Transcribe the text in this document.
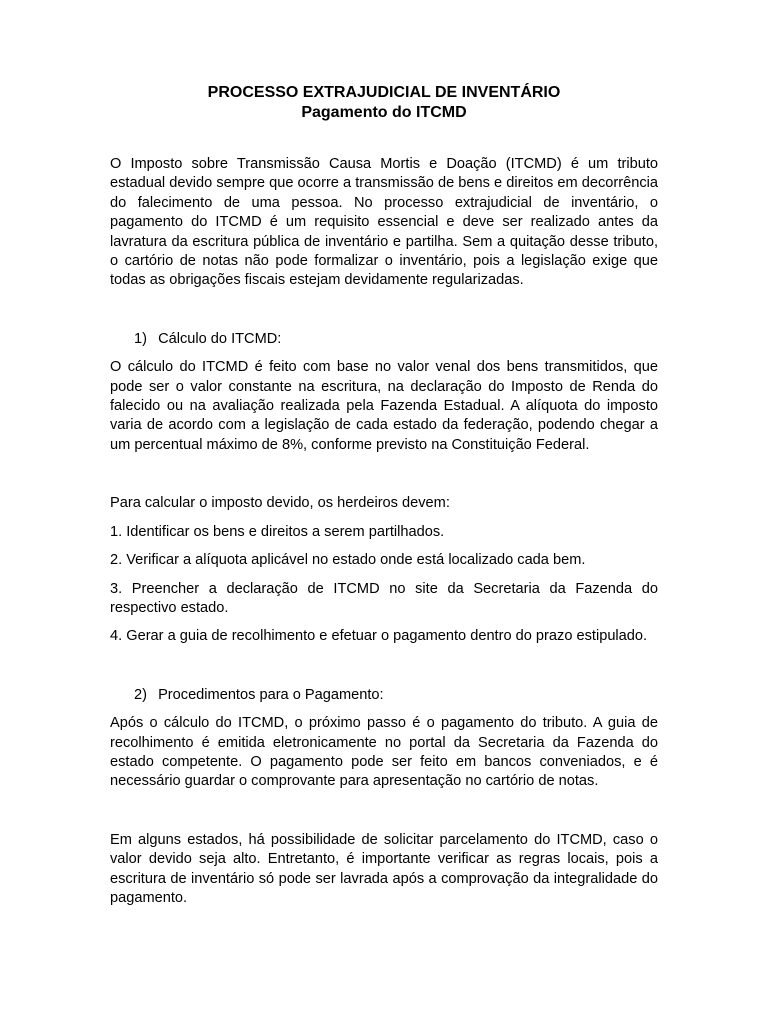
PROCESSO EXTRAJUDICIAL DE INVENTÁRIO

Pagamento do ITCMD

O Imposto sobre Transmissão Causa Mortis e Doação (ITCMD) é um tributo estadual devido sempre que ocorre a transmissão de bens e direitos em decorrência do falecimento de uma pessoa. No processo extrajudicial de inventário, o pagamento do ITCMD é um requisito essencial e deve ser realizado antes da lavratura da escritura pública de inventário e partilha. Sem a quitação desse tributo, o cartório de notas não pode formalizar o inventário, pois a legislação exige que todas as obrigações fiscais estejam devidamente regularizadas.

1) Cálculo do ITCMD:

O cálculo do ITCMD é feito com base no valor venal dos bens transmitidos, que pode ser o valor constante na escritura, na declaração do Imposto de Renda do falecido ou na avaliação realizada pela Fazenda Estadual. A alíquota do imposto varia de acordo com a legislação de cada estado da federação, podendo chegar a um percentual máximo de 8%, conforme previsto na Constituição Federal.

Para calcular o imposto devido, os herdeiros devem:

1. Identificar os bens e direitos a serem partilhados.

2. Verificar a alíquota aplicável no estado onde está localizado cada bem.

3. Preencher a declaração de ITCMD no site da Secretaria da Fazenda do respectivo estado.

4. Gerar a guia de recolhimento e efetuar o pagamento dentro do prazo estipulado.

2) Procedimentos para o Pagamento:

Após o cálculo do ITCMD, o próximo passo é o pagamento do tributo. A guia de recolhimento é emitida eletronicamente no portal da Secretaria da Fazenda do estado competente. O pagamento pode ser feito em bancos conveniados, e é necessário guardar o comprovante para apresentação no cartório de notas.

Em alguns estados, há possibilidade de solicitar parcelamento do ITCMD, caso o valor devido seja alto. Entretanto, é importante verificar as regras locais, pois a escritura de inventário só pode ser lavrada após a comprovação da integralidade do pagamento.
